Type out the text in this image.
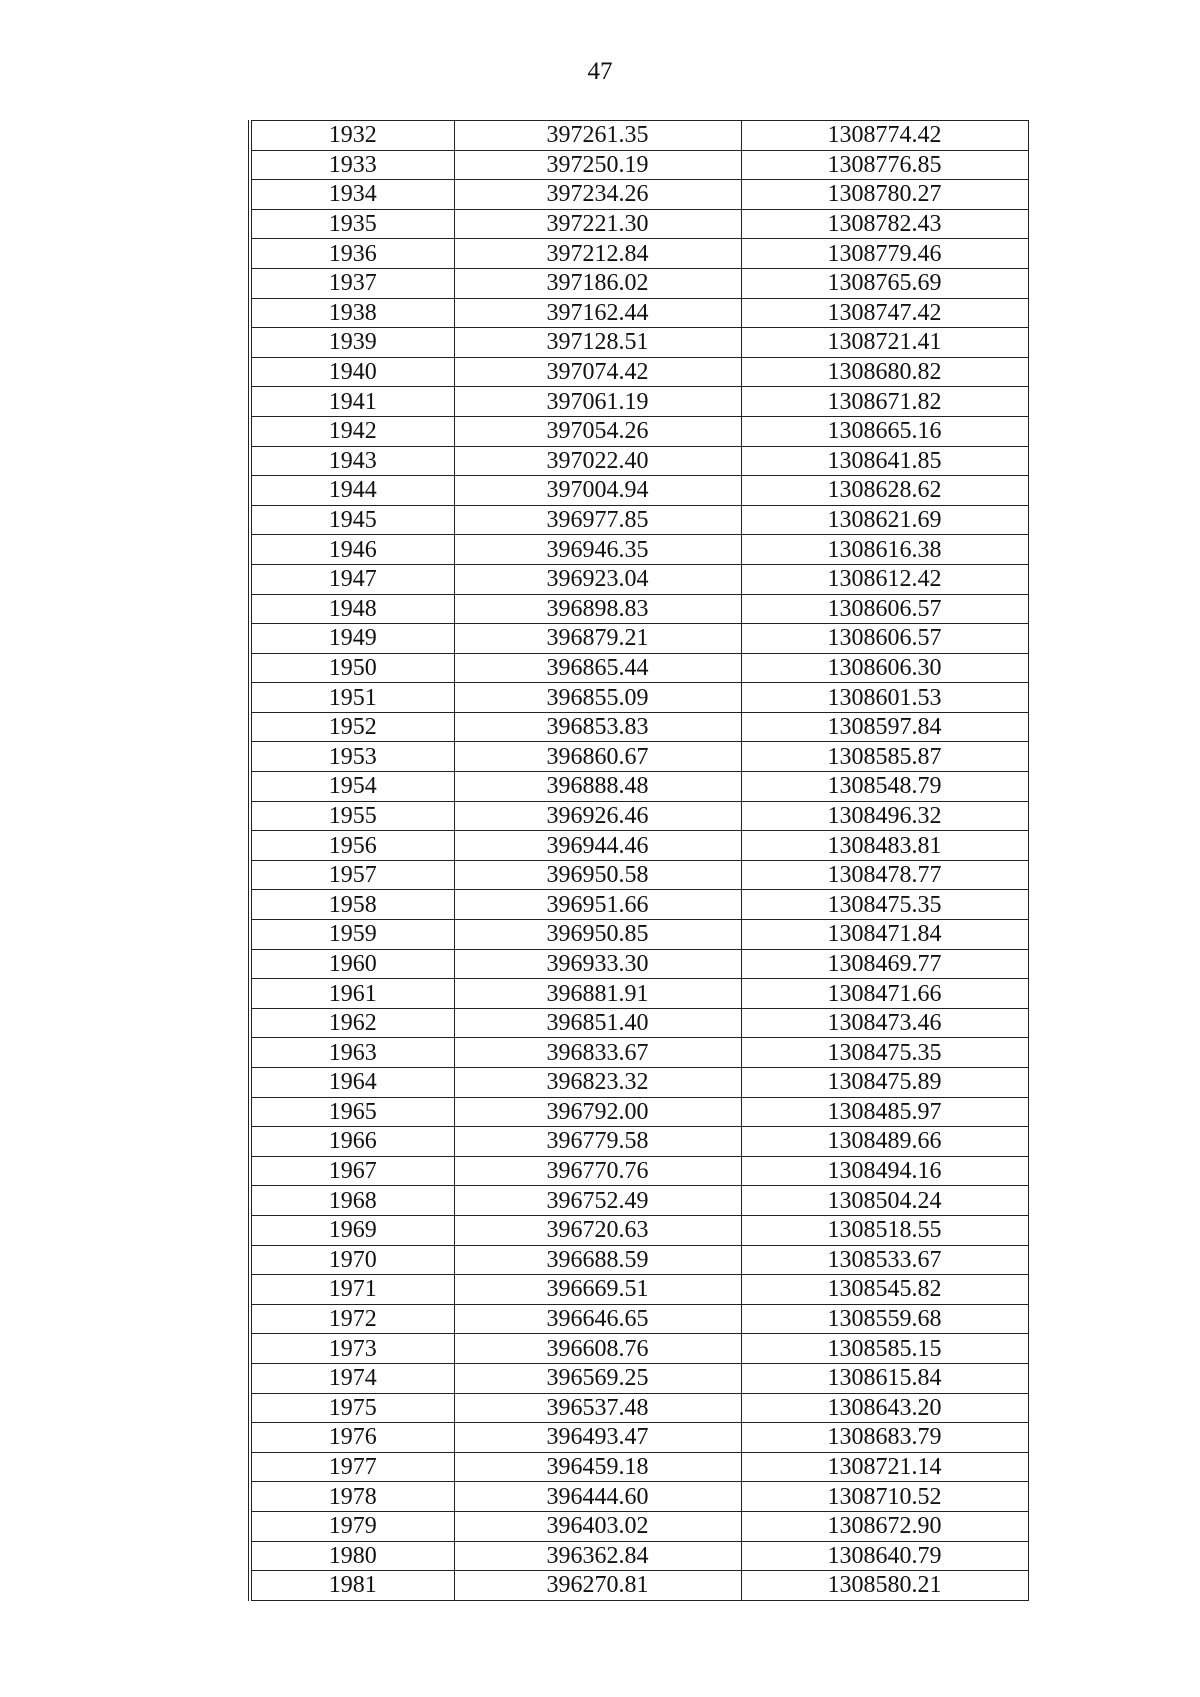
47
1932	397261.35	1308774.42
1933	397250.19	1308776.85
1934	397234.26	1308780.27
1935	397221.30	1308782.43
1936	397212.84	1308779.46
1937	397186.02	1308765.69
1938	397162.44	1308747.42
1939	397128.51	1308721.41
1940	397074.42	1308680.82
1941	397061.19	1308671.82
1942	397054.26	1308665.16
1943	397022.40	1308641.85
1944	397004.94	1308628.62
1945	396977.85	1308621.69
1946	396946.35	1308616.38
1947	396923.04	1308612.42
1948	396898.83	1308606.57
1949	396879.21	1308606.57
1950	396865.44	1308606.30
1951	396855.09	1308601.53
1952	396853.83	1308597.84
1953	396860.67	1308585.87
1954	396888.48	1308548.79
1955	396926.46	1308496.32
1956	396944.46	1308483.81
1957	396950.58	1308478.77
1958	396951.66	1308475.35
1959	396950.85	1308471.84
1960	396933.30	1308469.77
1961	396881.91	1308471.66
1962	396851.40	1308473.46
1963	396833.67	1308475.35
1964	396823.32	1308475.89
1965	396792.00	1308485.97
1966	396779.58	1308489.66
1967	396770.76	1308494.16
1968	396752.49	1308504.24
1969	396720.63	1308518.55
1970	396688.59	1308533.67
1971	396669.51	1308545.82
1972	396646.65	1308559.68
1973	396608.76	1308585.15
1974	396569.25	1308615.84
1975	396537.48	1308643.20
1976	396493.47	1308683.79
1977	396459.18	1308721.14
1978	396444.60	1308710.52
1979	396403.02	1308672.90
1980	396362.84	1308640.79
1981	396270.81	1308580.21
